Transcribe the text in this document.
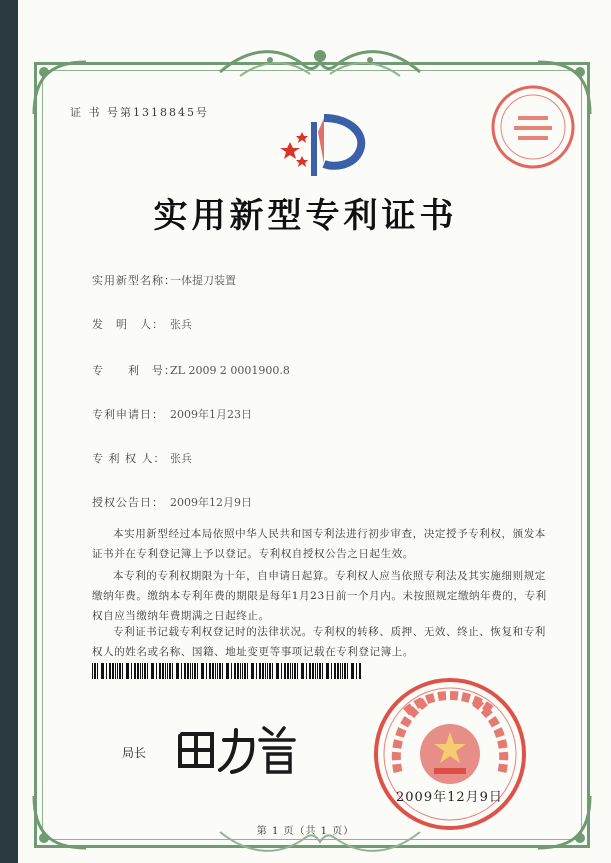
证 书 号第1318845号
实用新型专利证书
实用新型名称：一体提刀装置
发　明　人： 张兵
专　　利　号：ZL 2009 2 0001900.8
专利申请日： 2009年1月23日
专 利 权 人： 张兵
授权公告日： 2009年12月9日
本实用新型经过本局依照中华人民共和国专利法进行初步审查，决定授予专利权，颁发本证书并在专利登记簿上予以登记。专利权自授权公告之日起生效。
本专利的专利权期限为十年，自申请日起算。专利权人应当依照专利法及其实施细则规定缴纳年费。缴纳本专利年费的期限是每年1月23日前一个月内。未按照规定缴纳年费的，专利权自应当缴纳年费期满之日起终止。
专利证书记载专利权登记时的法律状况。专利权的转移、质押、无效、终止、恢复和专利权人的姓名或名称、国籍、地址变更等事项记载在专利登记簿上。
局长
2009年12月9日
第 1 页（共 1 页）
